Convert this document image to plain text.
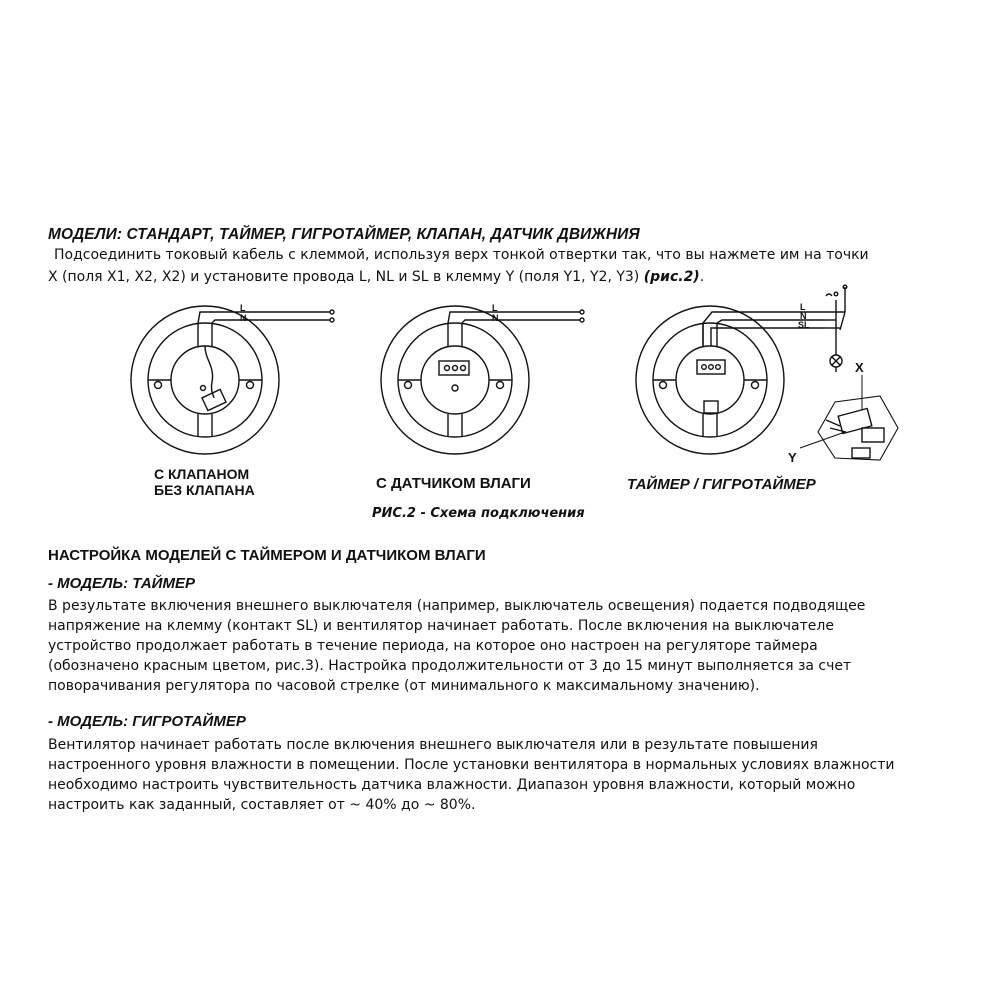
МОДЕЛИ: СТАНДАРТ, ТАЙМЕР, ГИГРОТАЙМЕР, КЛАПАН, ДАТЧИК ДВИЖНИЯ
Подсоединить токовый кабель с клеммой, используя верх тонкой отвертки так, что вы нажмете им на точки
X (поля X1, X2, X2) и установите провода L, NL и SL в клемму Y (поля Y1, Y2, Y3) (рис.2).
L
N
L
N
L
N
SL
X
Y
С КЛАПАНОМ
БЕЗ КЛАПАНА	С ДАТЧИКОМ ВЛАГИ	ТАЙМЕР / ГИГРОТАЙМЕР
РИС.2 - Схема подключения
НАСТРОЙКА МОДЕЛЕЙ С ТАЙМЕРОМ И ДАТЧИКОМ ВЛАГИ
- МОДЕЛЬ: ТАЙМЕР
В результате включения внешнего выключателя (например, выключатель освещения) подается подводящее
напряжение на клемму (контакт SL) и вентилятор начинает работать. После включения на выключателе
устройство продолжает работать в течение периода, на которое оно настроен на регуляторе таймера
(обозначено красным цветом, рис.3). Настройка продолжительности от 3 до 15 минут выполняется за счет
поворачивания регулятора по часовой стрелке (от минимального к максимальному значению).
- МОДЕЛЬ: ГИГРОТАЙМЕР
Вентилятор начинает работать после включения внешнего выключателя или в результате повышения
настроенного уровня влажности в помещении. После установки вентилятора в нормальных условиях влажности
необходимо настроить чувствительность датчика влажности. Диапазон уровня влажности, который можно
настроить как заданный, составляет от ~ 40% до ~ 80%.
